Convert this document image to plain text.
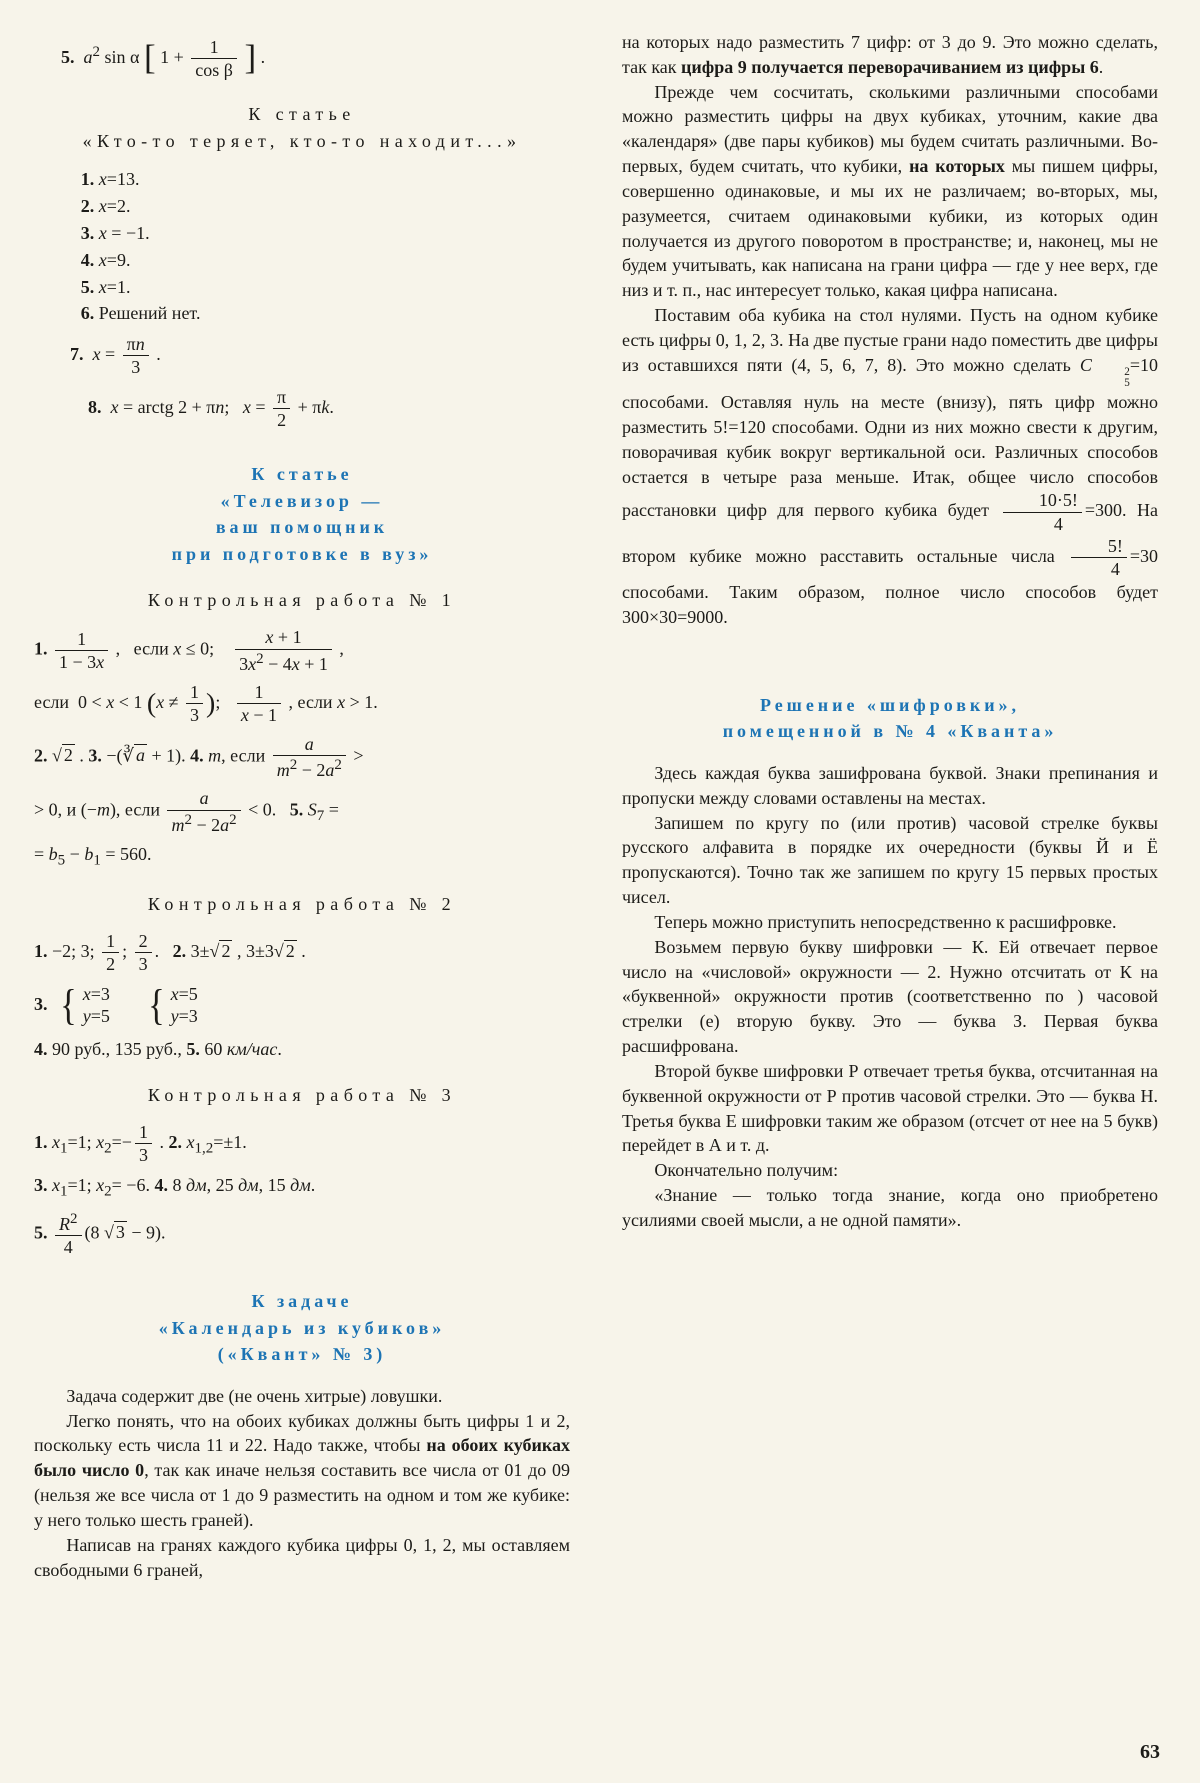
5. $a^2$ sin α [ $1 + \frac{1}{\text{cos β}}$ ] .
К статье
«Кто-то теряет, кто-то находит...»
1. x=13.
2. x=2.
3. x = −1.
4. x=9.
5. x=1.
6. Решений нет.
7. $x = \frac{\pi n}{3}$ .
8. x = arctg 2 + πn;   $x = \frac{\pi}{2} + \pi k$.
К статье
«Телевизор —
ваш помощник
при подготовке в вуз»
Контрольная работа № 1
1. $\frac{1}{1 - 3x}$ ,   если x ≤ 0; $\frac{x + 1}{3x^2 - 4x + 1}$ ,
если  0 < x < 1 ($x \ne \frac{1}{3}$ ); $\frac{1}{x - 1}$ , если x > 1.
2. √ 2 . 3. −(∛ a + 1). 4. m, если $\frac{a}{m^2 - 2a^2}$ >
> 0, и (−m), если $\frac{a}{m^2 - 2a^2} < 0$.   5. $S_7$ =
= $b_5 - b_1 = 560$.
Контрольная работа № 2
1. −2; 3; $\frac{1}{2}$ ; $\frac{2}{3}$ .   2. 3±√ 2 , 3±3√ 2 .
3. { x=3
y=5 { x=5
y=3
4. 90 руб., 135 руб., 5. 60 км/час.
Контрольная работа № 3
1. $x_1=1$; $x_2=- \frac{1}{3}$ . 2. $x_{1,2}=\pm 1$.
3. $x_1=1$; $x_2= -6$. 4. 8 дм, 25 дм, 15 дм.
5. $\frac{R^2}{4} (8$ √ 3 − 9).
К задаче
«Календарь из кубиков»
(«Квант» № 3)
Задача содержит две (не очень хитрые) ловушки.
Легко понять, что на обоих кубиках должны быть цифры 1 и 2, поскольку есть числа 11 и 22. Надо также, чтобы на обоих кубиках было число 0, так как иначе нельзя составить все числа от 01 до 09 (нельзя же все числа от 1 до 9 разместить на одном и том же кубике: у него только шесть граней).
Написав на гранях каждого кубика цифры 0, 1, 2, мы оставляем свободными 6 граней,
на которых надо разместить 7 цифр: от 3 до 9. Это можно сделать, так как цифра 9 получается переворачиванием из цифры 6.
Прежде чем сосчитать, сколькими различными способами можно разместить цифры на двух кубиках, уточним, какие два «календаря» (две пары кубиков) мы будем считать различными. Во-первых, будем считать, что кубики, на которых мы пишем цифры, совершенно одинаковые, и мы их не различаем; во-вторых, мы, разумеется, считаем одинаковыми кубики, из которых один получается из другого поворотом в пространстве; и, наконец, мы не будем учитывать, как написана на грани цифра — где у нее верх, где низ и т. п., нас интересует только, какая цифра написана.
Поставим оба кубика на стол нулями. Пусть на одном кубике есть цифры 0, 1, 2, 3. На две пустые грани надо поместить две цифры из оставшихся пяти (4, 5, 6, 7, 8). Это можно сделать C	2
5
=10 способами. Оставляя нуль на месте (внизу), пять цифр можно разместить 5!=120 способами. Одни из них можно свести к другим, поворачивая кубик вокруг вертикальной оси. Различных способов остается в четыре раза меньше. Итак, общее число способов расстановки цифр для первого кубика будет $\frac{10\cdot 5!}{4} =300$. На втором кубике можно расставить остальные числа $\frac{5!}{4} =30$ способами. Таким образом, полное число способов будет 300×30=9000.
Решение «шифровки»,
помещенной в № 4 «Кванта»
Здесь каждая буква зашифрована буквой. Знаки препинания и пропуски между словами оставлены на местах.
Запишем по кругу по (или против) часовой стрелке буквы русского алфавита в порядке их очередности (буквы Й и Ё пропускаются). Точно так же запишем по кругу 15 первых простых чисел.
Теперь можно приступить непосредственно к расшифровке.
Возьмем первую букву шифровки — К. Ей отвечает первое число на «числовой» окружности — 2. Нужно отсчитать от К на «буквенной» окружности против (соответственно по ) часовой стрелки (е) вторую букву. Это — буква З. Первая буква расшифрована.
Второй букве шифровки Р отвечает третья буква, отсчитанная на буквенной окружности от Р против часовой стрелки. Это — буква Н. Третья буква Е шифровки таким же образом (отсчет от нее на 5 букв) перейдет в А и т. д.
Окончательно получим:
«Знание — только тогда знание, когда оно приобретено усилиями своей мысли, а не одной памяти».
63
